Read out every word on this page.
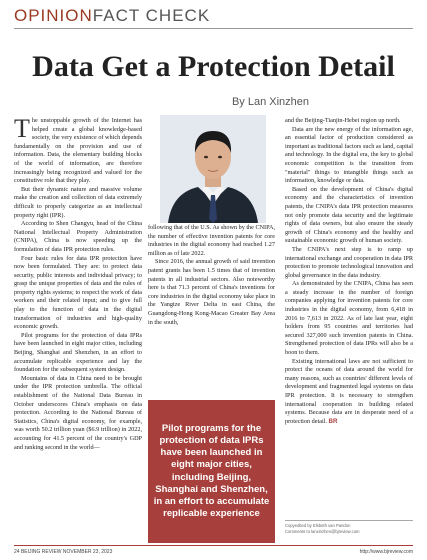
OPINIONFACT CHECK
Data Get a Protection Detail
By Lan Xinzhen

The unstoppable growth of the Internet has helped create a global knowledge-based society, the very existence of which depends fundamentally on the provision and use of information. Data, the elementary building blocks of the world of information, are therefore increasingly being recognized and valued for the constitutive role that they play.

But their dynamic nature and massive volume make the creation and collection of data extremely difficult to properly categorize as an intellectual property right (IPR).

According to Shen Changyu, head of the China National Intellectual Property Administration (CNIPA), China is now speeding up the formulation of data IPR protection rules.

Four basic rules for data IPR protection have now been formulated. They are: to protect data security, public interests and individual privacy; to grasp the unique properties of data and the rules of property rights systems; to respect the work of data workers and their related input; and to give full play to the function of data in the digital transformation of industries and high-quality economic growth.

Pilot programs for the protection of data IPRs have been launched in eight major cities, including Beijing, Shanghai and Shenzhen, in an effort to accumulate replicable experience and lay the foundation for the subsequent system design.

Mountains of data in China need to be brought under the IPR protection umbrella. The official establishment of the National Data Bureau in October underscores China's emphasis on data protection. According to the National Bureau of Statistics, China's digital economy, for example, was worth 50.2 trillion yuan ($6.9 trillion) in 2022, accounting for 41.5 percent of the country's GDP and ranking second in the world—

following that of the U.S. As shown by the CNIPA, the number of effective invention patents for core industries in the digital economy had reached 1.27 million as of late 2022.

Since 2016, the annual growth of said invention patent grants has been 1.5 times that of invention patents in all industrial sectors. Also noteworthy here is that 71.3 percent of China's inventions for core industries in the digital economy take place in the Yangtze River Delta in east China, the Guangdong-Hong Kong-Macao Greater Bay Area in the south,

Pilot programs for the protection of data IPRs have been launched in eight major cities, including Beijing, Shanghai and Shenzhen, in an effort to accumulate replicable experience

and the Beijing-Tianjin-Hebei region up north.

Data are the new energy of the information age, an essential factor of production considered as important as traditional factors such as land, capital and technology. In the digital era, the key to global economic competition is the transition from "material" things to intangible things such as information, knowledge or data.

Based on the development of China's digital economy and the characteristics of invention patents, the CNIPA's data IPR protection measures not only promote data security and the legitimate rights of data owners, but also ensure the steady growth of China's economy and the healthy and sustainable economic growth of human society.

The CNIPA's next step is to ramp up international exchange and cooperation in data IPR protection to promote technological innovation and global governance in the data industry.

As demonstrated by the CNIPA, China has seen a steady increase in the number of foreign companies applying for invention patents for core industries in the digital economy, from 6,418 in 2016 to 7,613 in 2022. As of late last year, eight holders from 95 countries and territories had secured 327,000 such invention patents in China. Strengthened protection of data IPRs will also be a boon to them.

Existing international laws are not sufficient to protect the oceans of data around the world for many reasons, such as countries' different levels of development and fragmented legal systems on data IPR protection. It is necessary to strengthen international cooperation in building related systems. Because data are in desperate need of a protection detail. BR

Copyedited by Elsbeth van Paridon
Comments to lanxinzhen@bjreview.com
24 BEIJING REVIEW NOVEMBER 23, 2023	http://www.bjreview.com
